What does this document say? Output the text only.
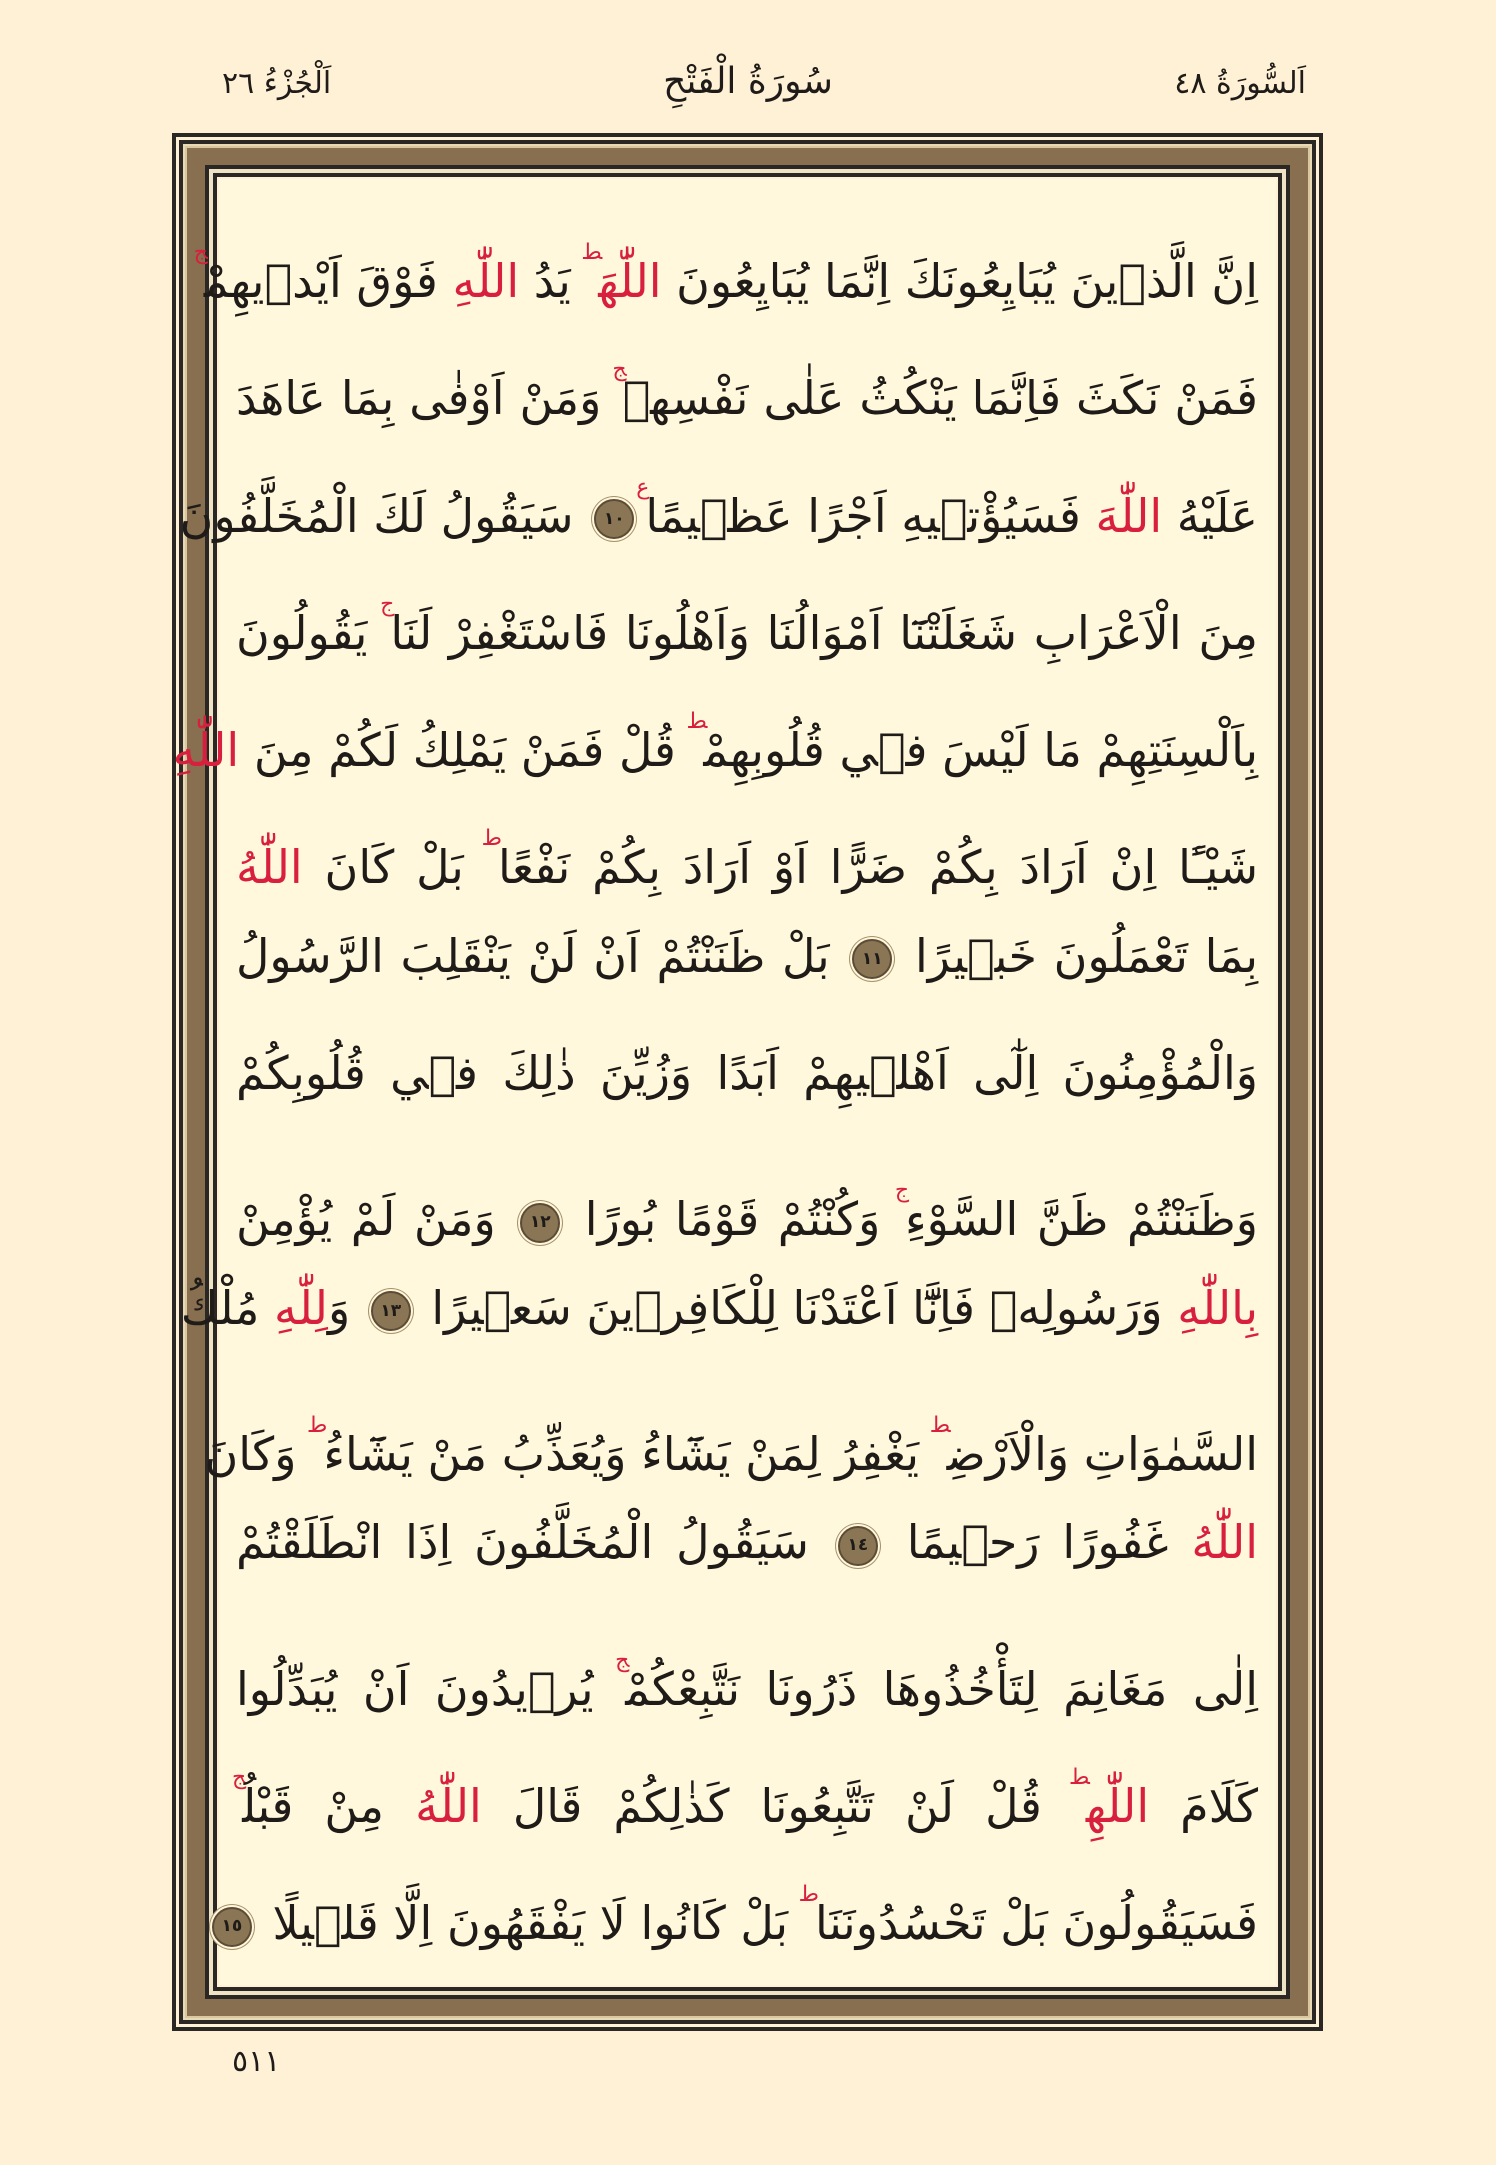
اَلْجُزْءُ ٢٦	سُورَةُ الْفَتْحِ	اَلسُّورَةُ ٤٨
اِنَّ الَّذ۪ينَ يُبَايِعُونَكَ اِنَّمَا يُبَايِعُونَ اللّٰهَ$^ط$ يَدُ اللّٰهِ فَوْقَ اَيْد۪يهِمْ$^ج$
فَمَنْ نَكَثَ فَاِنَّمَا يَنْكُثُ عَلٰى نَفْسِه۪$^ج$ وَمَنْ اَوْفٰى بِمَا عَاهَدَ
عَلَيْهُ اللّٰهَ فَسَيُؤْت۪يهِ اَجْرًا عَظ۪يمًا$^ع$١٠ سَيَقُولُ لَكَ الْمُخَلَّفُونَ
مِنَ الْاَعْرَابِ شَغَلَتْنَٓا اَمْوَالُنَا وَاَهْلُونَا فَاسْتَغْفِرْ لَنَا$^ج$ يَقُولُونَ
بِاَلْسِنَتِهِمْ مَا لَيْسَ ف۪ي قُلُوبِهِمْ$^ط$ قُلْ فَمَنْ يَمْلِكُ لَكُمْ مِنَ اللّٰهِ
شَيْـًٔا اِنْ اَرَادَ بِكُمْ ضَرًّا اَوْ اَرَادَ بِكُمْ نَفْعًا$^ط$ بَلْ كَانَ اللّٰهُ
بِمَا تَعْمَلُونَ خَب۪يرًا ١١ بَلْ ظَنَنْتُمْ اَنْ لَنْ يَنْقَلِبَ الرَّسُولُ
وَالْمُؤْمِنُونَ اِلٰٓى اَهْل۪يهِمْ اَبَدًا وَزُيِّنَ ذٰلِكَ ف۪ي قُلُوبِكُمْ
وَظَنَنْتُمْ ظَنَّ السَّوْءِ$^ج$ وَكُنْتُمْ قَوْمًا بُورًا ١٢ وَمَنْ لَمْ يُؤْمِنْ
بِاللّٰهِ وَرَسُولِه۪ فَاِنَّٓا اَعْتَدْنَا لِلْكَافِر۪ينَ سَع۪يرًا ١٣ وَلِلّٰهِ مُلْكُ
السَّمٰوَاتِ وَالْاَرْضِ$^ط$ يَغْفِرُ لِمَنْ يَشَٓاءُ وَيُعَذِّبُ مَنْ يَشَٓاءُ$^ط$ وَكَانَ
اللّٰهُ غَفُورًا رَح۪يمًا ١٤ سَيَقُولُ الْمُخَلَّفُونَ اِذَا انْطَلَقْتُمْ
اِلٰى مَغَانِمَ لِتَأْخُذُوهَا ذَرُونَا نَتَّبِعْكُمْ$^ج$ يُر۪يدُونَ اَنْ يُبَدِّلُوا
كَلَامَ اللّٰهِ$^ط$ قُلْ لَنْ تَتَّبِعُونَا كَذٰلِكُمْ قَالَ اللّٰهُ مِنْ قَبْلُ$^ج$
فَسَيَقُولُونَ بَلْ تَحْسُدُونَنَا$^ط$ بَلْ كَانُوا لَا يَفْقَهُونَ اِلَّا قَل۪يلًا ١٥
٥١١
